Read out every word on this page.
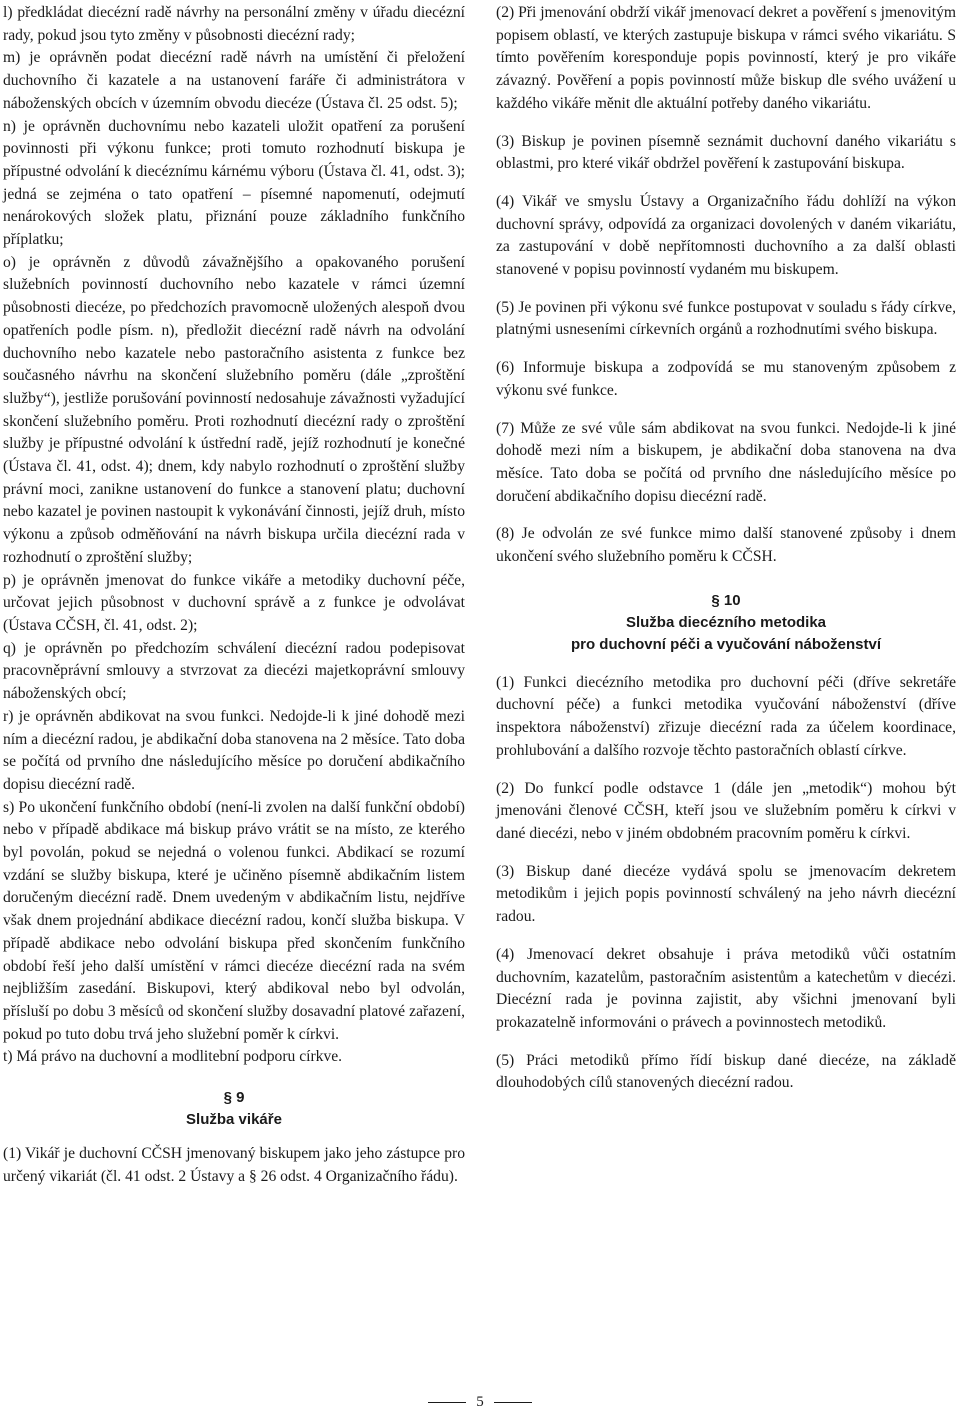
l) předkládat diecézní radě návrhy na personální změny v úřadu diecézní rady, pokud jsou tyto změny v působnosti diecézní rady;

m) je oprávněn podat diecézní radě návrh na umístění či přeložení duchovního či kazatele a na ustanovení faráře či administrátora v náboženských obcích v územním obvodu diecéze (Ústava čl. 25 odst. 5);

n) je oprávněn duchovnímu nebo kazateli uložit opatření za porušení povinnosti při výkonu funkce; proti tomuto rozhodnutí biskupa je přípustné odvolání k diecéznímu kárnému výboru (Ústava čl. 41, odst. 3); jedná se zejména o tato opatření – písemné napomenutí, odejmutí nenárokových složek platu, přiznání pouze základního funkčního příplatku;

o) je oprávněn z důvodů závažnějšího a opakovaného porušení služebních povinností duchovního nebo kazatele v rámci územní působnosti diecéze, po předchozích pravomocně uložených alespoň dvou opatřeních podle písm. n), předložit diecézní radě návrh na odvolání duchovního nebo kazatele nebo pastoračního asistenta z funkce bez současného návrhu na skončení služebního poměru (dále „zproštění služby“), jestliže porušování povinností nedosahuje závažnosti vyžadující skončení služebního poměru. Proti rozhodnutí diecézní rady o zproštění služby je přípustné odvolání k ústřední radě, jejíž rozhodnutí je konečné (Ústava čl. 41, odst. 4); dnem, kdy nabylo rozhodnutí o zproštění služby právní moci, zanikne ustanovení do funkce a stanovení platu; duchovní nebo kazatel je povinen nastoupit k vykonávání činnosti, jejíž druh, místo výkonu a způsob odměňování na návrh biskupa určila diecézní rada v rozhodnutí o zproštění služby;

p) je oprávněn jmenovat do funkce vikáře a metodiky duchovní péče, určovat jejich působnost v duchovní správě a z funkce je odvolávat (Ústava CČSH, čl. 41, odst. 2);

q) je oprávněn po předchozím schválení diecézní radou podepisovat pracovněprávní smlouvy a stvrzovat za diecézi majetkoprávní smlouvy náboženských obcí;

r) je oprávněn abdikovat na svou funkci. Nedojde-li k jiné dohodě mezi ním a diecézní radou, je abdikační doba stanovena na 2 měsíce. Tato doba se počítá od prvního dne následujícího měsíce po doručení abdikačního dopisu diecézní radě.

s) Po ukončení funkčního období (není-li zvolen na další funkční období) nebo v případě abdikace má biskup právo vrátit se na místo, ze kterého byl povolán, pokud se nejedná o volenou funkci. Abdikací se rozumí vzdání se služby biskupa, které je učiněno písemně abdikačním listem doručeným diecézní radě. Dnem uvedeným v abdikačním listu, nejdříve však dnem projednání abdikace diecézní radou, končí služba biskupa. V případě abdikace nebo odvolání biskupa před skončením funkčního období řeší jeho další umístění v rámci diecéze diecézní rada na svém nejbližším zasedání. Biskupovi, který abdikoval nebo byl odvolán, přísluší po dobu 3 měsíců od skončení služby dosavadní platové zařazení, pokud po tuto dobu trvá jeho služební poměr k církvi.

t) Má právo na duchovní a modlitební podporu církve.

§ 9
Služba vikáře

(1) Vikář je duchovní CČSH jmenovaný biskupem jako jeho zástupce pro určený vikariát (čl. 41 odst. 2 Ústavy a § 26 odst. 4 Organizačního řádu).

(2) Při jmenování obdrží vikář jmenovací dekret a pověření s jmenovitým popisem oblastí, ve kterých zastupuje biskupa v rámci svého vikariátu. S tímto pověřením koresponduje popis povinností, který je pro vikáře závazný. Pověření a popis povinností může biskup dle svého uvážení u každého vikáře měnit dle aktuální potřeby daného vikariátu.

(3) Biskup je povinen písemně seznámit duchovní daného vikariátu s oblastmi, pro které vikář obdržel pověření k zastupování biskupa.

(4) Vikář ve smyslu Ústavy a Organizačního řádu dohlíží na výkon duchovní správy, odpovídá za organizaci dovolených v daném vikariátu, za zastupování v době nepřítomnosti duchovního a za další oblasti stanovené v popisu povinností vydaném mu biskupem.

(5) Je povinen při výkonu své funkce postupovat v souladu s řády církve, platnými usneseními církevních orgánů a rozhodnutími svého biskupa.

(6) Informuje biskupa a zodpovídá se mu stanoveným způsobem z výkonu své funkce.

(7) Může ze své vůle sám abdikovat na svou funkci. Nedojde-li k jiné dohodě mezi ním a biskupem, je abdikační doba stanovena na dva měsíce. Tato doba se počítá od prvního dne následujícího měsíce po doručení abdikačního dopisu diecézní radě.

(8) Je odvolán ze své funkce mimo další stanovené způsoby i dnem ukončení svého služebního poměru k CČSH.

§ 10
Služba diecézního metodika
pro duchovní péči a vyučování náboženství

(1) Funkci diecézního metodika pro duchovní péči (dříve sekretáře duchovní péče) a funkci metodika vyučování náboženství (dříve inspektora náboženství) zřizuje diecézní rada za účelem koordinace, prohlubování a dalšího rozvoje těchto pastoračních oblastí církve.

(2) Do funkcí podle odstavce 1 (dále jen „metodik“) mohou být jmenováni členové CČSH, kteří jsou ve služebním poměru k církvi v dané diecézi, nebo v jiném obdobném pracovním poměru k církvi.

(3) Biskup dané diecéze vydává spolu se jmenovacím dekretem metodikům i jejich popis povinností schválený na jeho návrh diecézní radou.

(4) Jmenovací dekret obsahuje i práva metodiků vůči ostatním duchovním, kazatelům, pastoračním asistentům a katechetům v diecézi. Diecézní rada je povinna zajistit, aby všichni jmenovaní byli prokazatelně informováni o právech a povinnostech metodiků.

(5) Práci metodiků přímo řídí biskup dané diecéze, na základě dlouhodobých cílů stanovených diecézní radou.

5
